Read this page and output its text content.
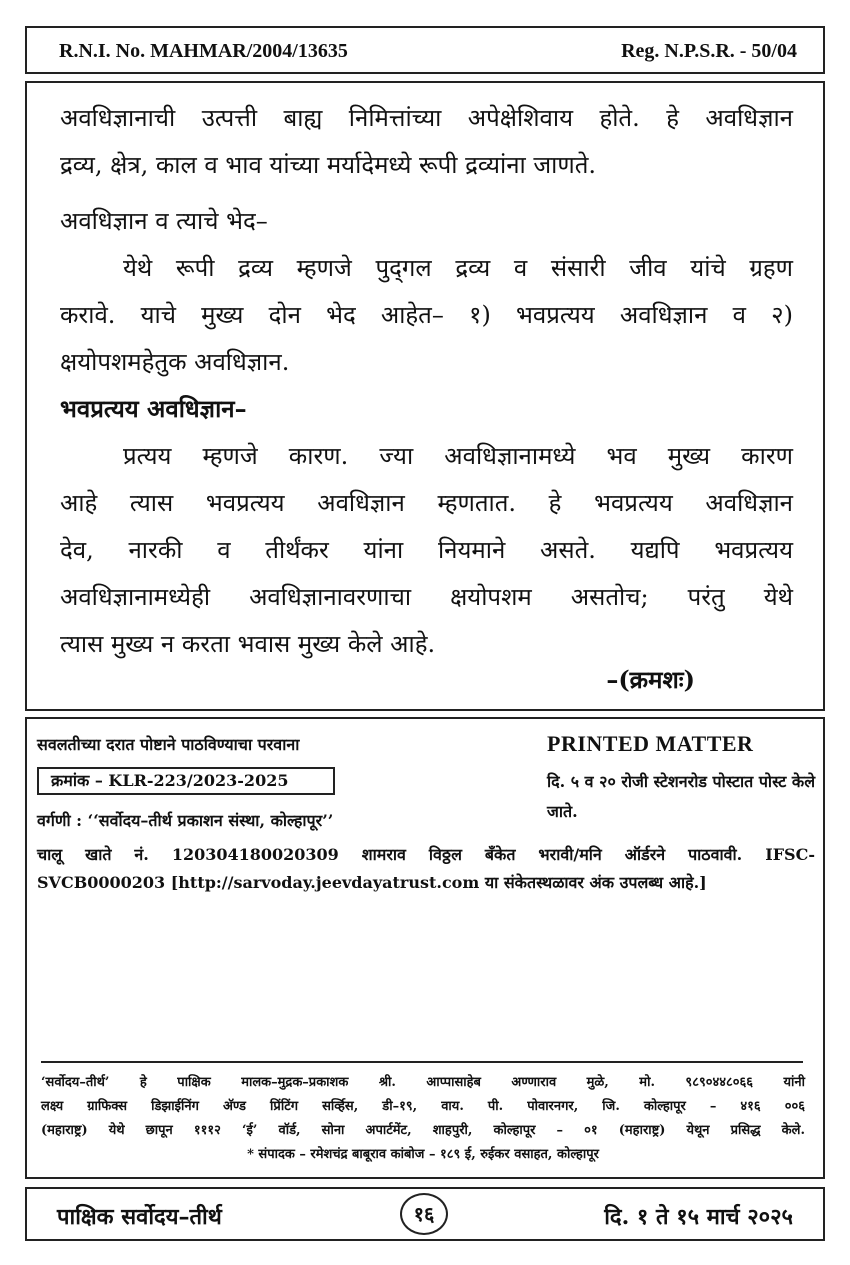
R.N.I. No. MAHMAR/2004/13635	Reg. N.P.S.R. - 50/04
अवधिज्ञानाची उत्पत्ती बाह्य निमित्तांच्या अपेक्षेशिवाय होते. हे अवधिज्ञान
द्रव्य, क्षेत्र, काल व भाव यांच्या मर्यादेमध्ये रूपी द्रव्यांना जाणते.
अवधिज्ञान व त्याचे भेद–
येथे रूपी द्रव्य म्हणजे पुद्‌गल द्रव्य व संसारी जीव यांचे ग्रहण
करावे. याचे मुख्य दोन भेद आहेत– १) भवप्रत्यय अवधिज्ञान व २)
क्षयोपशमहेतुक अवधिज्ञान.
भवप्रत्यय अवधिज्ञान–
प्रत्यय म्हणजे कारण. ज्या अवधिज्ञानामध्ये भव मुख्य कारण
आहे त्यास भवप्रत्यय अवधिज्ञान म्हणतात. हे भवप्रत्यय अवधिज्ञान
देव, नारकी व तीर्थंकर यांना नियमाने असते. यद्यपि भवप्रत्यय
अवधिज्ञानामध्येही अवधिज्ञानावरणाचा क्षयोपशम असतोच; परंतु येथे
त्यास मुख्य न करता भवास मुख्य केले आहे.
–(क्रमशः)
सवलतीच्या दरात पोष्टाने पाठविण्याचा परवाना
क्रमांक – KLR-223/2023-2025
वर्गणी : ‘‘सर्वोदय–तीर्थ प्रकाशन संस्था, कोल्हापूर’’
PRINTED MATTER
दि. ५ व २० रोजी स्टेशनरोड पोस्टात पोस्ट केले जाते.
चालू खाते नं. 120304180020309 शामराव विठ्ठल बँकेत भरावी/मनि ऑर्डरने पाठवावी. IFSC-
SVCB0000203 [http://sarvoday.jeevdayatrust.com या संकेतस्थळावर अंक उपलब्ध आहे.]
‘सर्वोदय–तीर्थ’ हे पाक्षिक मालक–मुद्रक–प्रकाशक श्री. आप्पासाहेब अण्णाराव मुळे, मो. ९८९०४४८०६६ यांनी
लक्ष्य ग्राफिक्स डिझाईनिंग अ‍ॅण्ड प्रिंटिंग सर्व्हिस, डी–१९, वाय. पी. पोवारनगर, जि. कोल्हापूर – ४१६ ००६
(महाराष्ट्र) येथे छापून १११२ ‘ई’ वॉर्ड, सोना अपार्टमेंट, शाहपुरी, कोल्हापूर – ०१ (महाराष्ट्र) येथून प्रसिद्ध केले.
* संपादक – रमेशचंद्र बाबूराव कांबोज – १८९ ई, रुईकर वसाहत, कोल्हापूर
पाक्षिक सर्वोदय–तीर्थ	१६	दि. १ ते १५ मार्च २०२५
